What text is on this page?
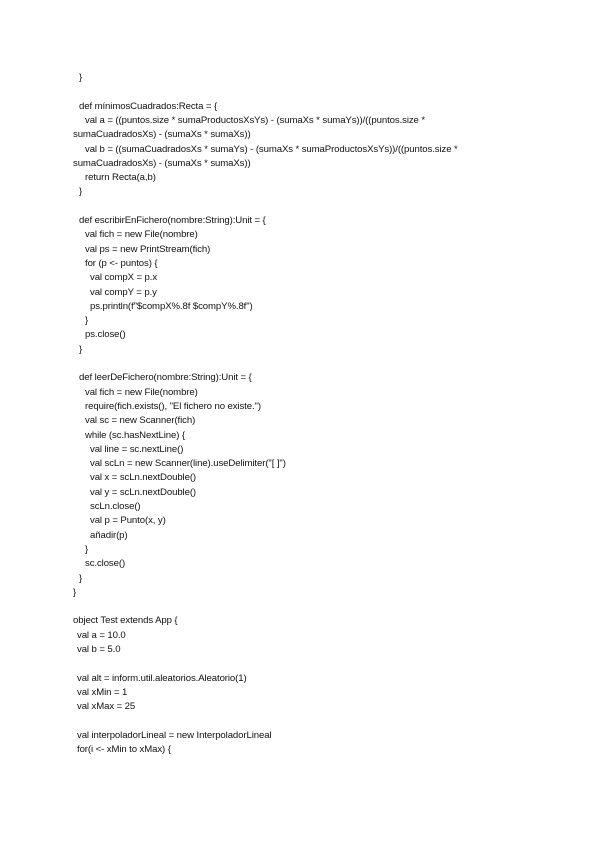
}
def mínimosCuadrados:Recta = {
val a = ((puntos.size * sumaProductosXsYs) - (sumaXs * sumaYs))/((puntos.size *
sumaCuadradosXs) - (sumaXs * sumaXs))
val b = ((sumaCuadradosXs * sumaYs) - (sumaXs * sumaProductosXsYs))/((puntos.size *
sumaCuadradosXs) - (sumaXs * sumaXs))
return Recta(a,b)
}
def escribirEnFichero(nombre:String):Unit = {
val fich = new File(nombre)
val ps = new PrintStream(fich)
for (p <- puntos) {
val compX = p.x
val compY = p.y
ps.println(f"$compX%.8f $compY%.8f")
}
ps.close()
}
def leerDeFichero(nombre:String):Unit = {
val fich = new File(nombre)
require(fich.exists(), "El fichero no existe.")
val sc = new Scanner(fich)
while (sc.hasNextLine) {
val line = sc.nextLine()
val scLn = new Scanner(line).useDelimiter("[ ]")
val x = scLn.nextDouble()
val y = scLn.nextDouble()
scLn.close()
val p = Punto(x, y)
añadir(p)
}
sc.close()
}
}
object Test extends App {
val a = 10.0
val b = 5.0
val alt = inform.util.aleatorios.Aleatorio(1)
val xMin = 1
val xMax = 25
val interpoladorLineal = new InterpoladorLineal
for(i <- xMin to xMax) {
